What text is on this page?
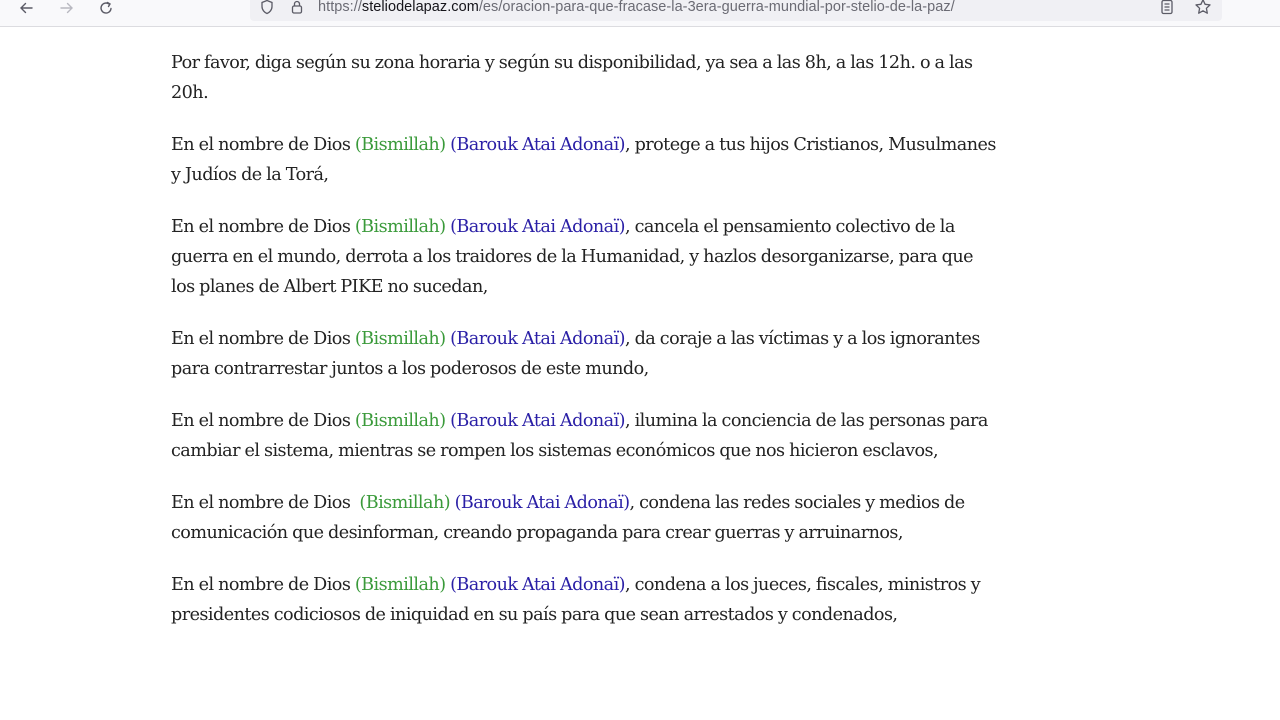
https://steliodelapaz.com/es/oracion-para-que-fracase-la-3era-guerra-mundial-por-stelio-de-la-paz/

Por favor, diga según su zona horaria y según su disponibilidad, ya sea a las 8h, a las 12h. o a las 20h.

En el nombre de Dios (Bismillah) (Barouk Atai Adonaï), protege a tus hijos Cristianos, Musulmanes y Judíos de la Torá,

En el nombre de Dios (Bismillah) (Barouk Atai Adonaï), cancela el pensamiento colectivo de la guerra en el mundo, derrota a los traidores de la Humanidad, y hazlos desorganizarse, para que los planes de Albert PIKE no sucedan,

En el nombre de Dios (Bismillah) (Barouk Atai Adonaï), da coraje a las víctimas y a los ignorantes para contrarrestar juntos a los poderosos de este mundo,

En el nombre de Dios (Bismillah) (Barouk Atai Adonaï), ilumina la conciencia de las personas para cambiar el sistema, mientras se rompen los sistemas económicos que nos hicieron esclavos,

En el nombre de Dios  (Bismillah) (Barouk Atai Adonaï), condena las redes sociales y medios de comunicación que desinforman, creando propaganda para crear guerras y arruinarnos,

En el nombre de Dios (Bismillah) (Barouk Atai Adonaï), condena a los jueces, fiscales, ministros y presidentes codiciosos de iniquidad en su país para que sean arrestados y condenados,
